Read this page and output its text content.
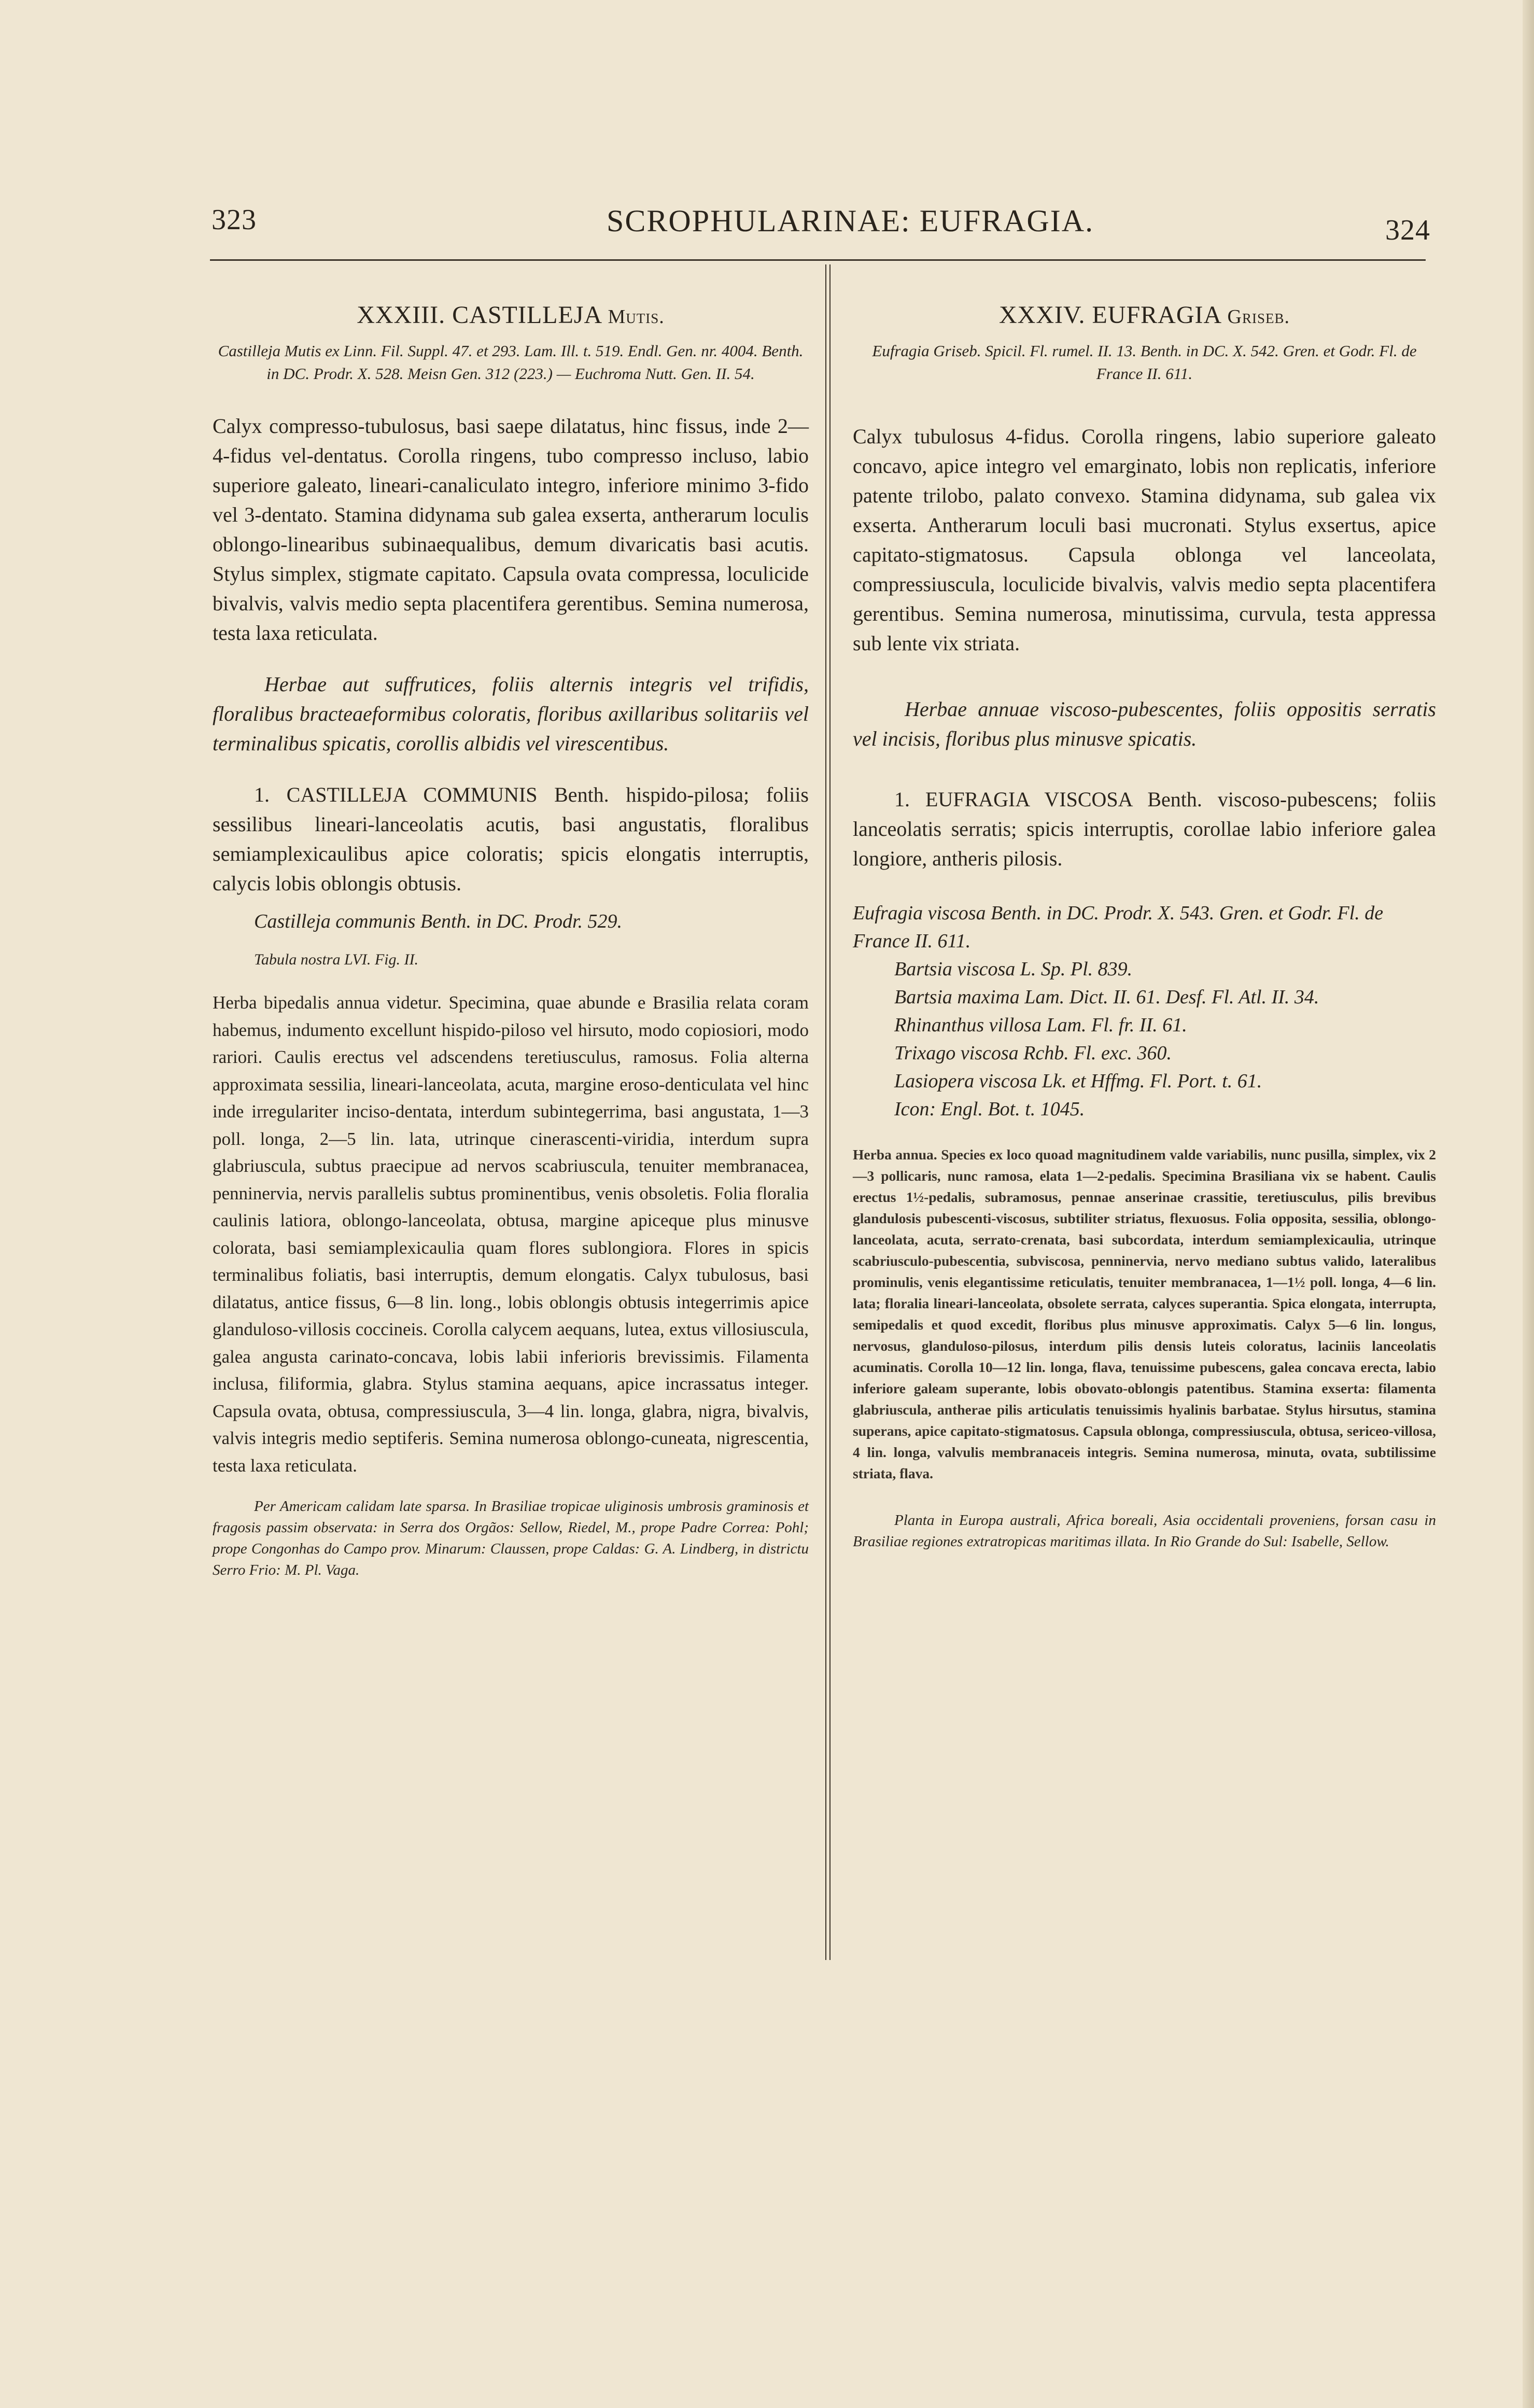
323	SCROPHULARINAE: EUFRAGIA.	324
XXXIII. CASTILLEJA Mutis.

Castilleja Mutis ex Linn. Fil. Suppl. 47. et 293. Lam. Ill. t. 519. Endl. Gen. nr. 4004. Benth. in DC. Prodr. X. 528. Meisn Gen. 312 (223.) — Euchroma Nutt. Gen. II. 54.

Calyx compresso-tubulosus, basi saepe dilatatus, hinc fissus, inde 2—4-fidus vel-dentatus. Corolla ringens, tubo compresso incluso, labio superiore galeato, lineari-canaliculato integro, inferiore minimo 3-fido vel 3-dentato. Stamina didynama sub galea exserta, antherarum loculis oblongo-linearibus subinaequalibus, demum divaricatis basi acutis. Stylus simplex, stigmate capitato. Capsula ovata compressa, loculicide bivalvis, valvis medio septa placentifera gerentibus. Semina numerosa, testa laxa reticulata.

Herbae aut suffrutices, foliis alternis integris vel trifidis, floralibus bracteaeformibus coloratis, floribus axillaribus solitariis vel terminalibus spicatis, corollis albidis vel virescentibus.

1. CASTILLEJA COMMUNIS Benth. hispido-pilosa; foliis sessilibus lineari-lanceolatis acutis, basi angustatis, floralibus semiamplexicaulibus apice coloratis; spicis elongatis interruptis, calycis lobis oblongis obtusis.

Castilleja communis Benth. in DC. Prodr. 529.

Tabula nostra LVI. Fig. II.

Herba bipedalis annua videtur. Specimina, quae abunde e Brasilia relata coram habemus, indumento excellunt hispido-piloso vel hirsuto, modo copiosiori, modo rariori. Caulis erectus vel adscendens teretiusculus, ramosus. Folia alterna approximata sessilia, lineari-lanceolata, acuta, margine eroso-denticulata vel hinc inde irregulariter inciso-dentata, interdum subintegerrima, basi angustata, 1—3 poll. longa, 2—5 lin. lata, utrinque cinerascenti-viridia, interdum supra glabriuscula, subtus praecipue ad nervos scabriuscula, tenuiter membranacea, penninervia, nervis parallelis subtus prominentibus, venis obsoletis. Folia floralia caulinis latiora, oblongo-lanceolata, obtusa, margine apiceque plus minusve colorata, basi semiamplexicaulia quam flores sublongiora. Flores in spicis terminalibus foliatis, basi interruptis, demum elongatis. Calyx tubulosus, basi dilatatus, antice fissus, 6—8 lin. long., lobis oblongis obtusis integerrimis apice glanduloso-villosis coccineis. Corolla calycem aequans, lutea, extus villosiuscula, galea angusta carinato-concava, lobis labii inferioris brevissimis. Filamenta inclusa, filiformia, glabra. Stylus stamina aequans, apice incrassatus integer. Capsula ovata, obtusa, compressiuscula, 3—4 lin. longa, glabra, nigra, bivalvis, valvis integris medio septiferis. Semina numerosa oblongo-cuneata, nigrescentia, testa laxa reticulata.

Per Americam calidam late sparsa. In Brasiliae tropicae uliginosis umbrosis graminosis et fragosis passim observata: in Serra dos Orgãos: Sellow, Riedel, M., prope Padre Correa: Pohl; prope Congonhas do Campo prov. Minarum: Claussen, prope Caldas: G. A. Lindberg, in districtu Serro Frio: M. Pl. Vaga.

XXXIV. EUFRAGIA Griseb.

Eufragia Griseb. Spicil. Fl. rumel. II. 13. Benth. in DC. X. 542. Gren. et Godr. Fl. de France II. 611.

Calyx tubulosus 4-fidus. Corolla ringens, labio superiore galeato concavo, apice integro vel emarginato, lobis non replicatis, inferiore patente trilobo, palato convexo. Stamina didynama, sub galea vix exserta. Antherarum loculi basi mucronati. Stylus exsertus, apice capitato-stigmatosus. Capsula oblonga vel lanceolata, compressiuscula, loculicide bivalvis, valvis medio septa placentifera gerentibus. Semina numerosa, minutissima, curvula, testa appressa sub lente vix striata.

Herbae annuae viscoso-pubescentes, foliis oppositis serratis vel incisis, floribus plus minusve spicatis.

1. EUFRAGIA VISCOSA Benth. viscoso-pubescens; foliis lanceolatis serratis; spicis interruptis, corollae labio inferiore galea longiore, antheris pilosis.

Eufragia viscosa Benth. in DC. Prodr. X. 543. Gren. et Godr. Fl. de France II. 611.
Bartsia viscosa L. Sp. Pl. 839.
Bartsia maxima Lam. Dict. II. 61. Desf. Fl. Atl. II. 34.
Rhinanthus villosa Lam. Fl. fr. II. 61.
Trixago viscosa Rchb. Fl. exc. 360.
Lasiopera viscosa Lk. et Hffmg. Fl. Port. t. 61.
Icon: Engl. Bot. t. 1045.

Herba annua. Species ex loco quoad magnitudinem valde variabilis, nunc pusilla, simplex, vix 2—3 pollicaris, nunc ramosa, elata 1—2-pedalis. Specimina Brasiliana vix se habent. Caulis erectus 1½-pedalis, subramosus, pennae anserinae crassitie, teretiusculus, pilis brevibus glandulosis pubescenti-viscosus, subtiliter striatus, flexuosus. Folia opposita, sessilia, oblongo-lanceolata, acuta, serrato-crenata, basi subcordata, interdum semiamplexicaulia, utrinque scabriusculo-pubescentia, subviscosa, penninervia, nervo mediano subtus valido, lateralibus prominulis, venis elegantissime reticulatis, tenuiter membranacea, 1—1½ poll. longa, 4—6 lin. lata; floralia lineari-lanceolata, obsolete serrata, calyces superantia. Spica elongata, interrupta, semipedalis et quod excedit, floribus plus minusve approximatis. Calyx 5—6 lin. longus, nervosus, glanduloso-pilosus, interdum pilis densis luteis coloratus, laciniis lanceolatis acuminatis. Corolla 10—12 lin. longa, flava, tenuissime pubescens, galea concava erecta, labio inferiore galeam superante, lobis obovato-oblongis patentibus. Stamina exserta: filamenta glabriuscula, antherae pilis articulatis tenuissimis hyalinis barbatae. Stylus hirsutus, stamina superans, apice capitato-stigmatosus. Capsula oblonga, compressiuscula, obtusa, sericeo-villosa, 4 lin. longa, valvulis membranaceis integris. Semina numerosa, minuta, ovata, subtilissime striata, flava.

Planta in Europa australi, Africa boreali, Asia occidentali proveniens, forsan casu in Brasiliae regiones extratropicas maritimas illata. In Rio Grande do Sul: Isabelle, Sellow.
